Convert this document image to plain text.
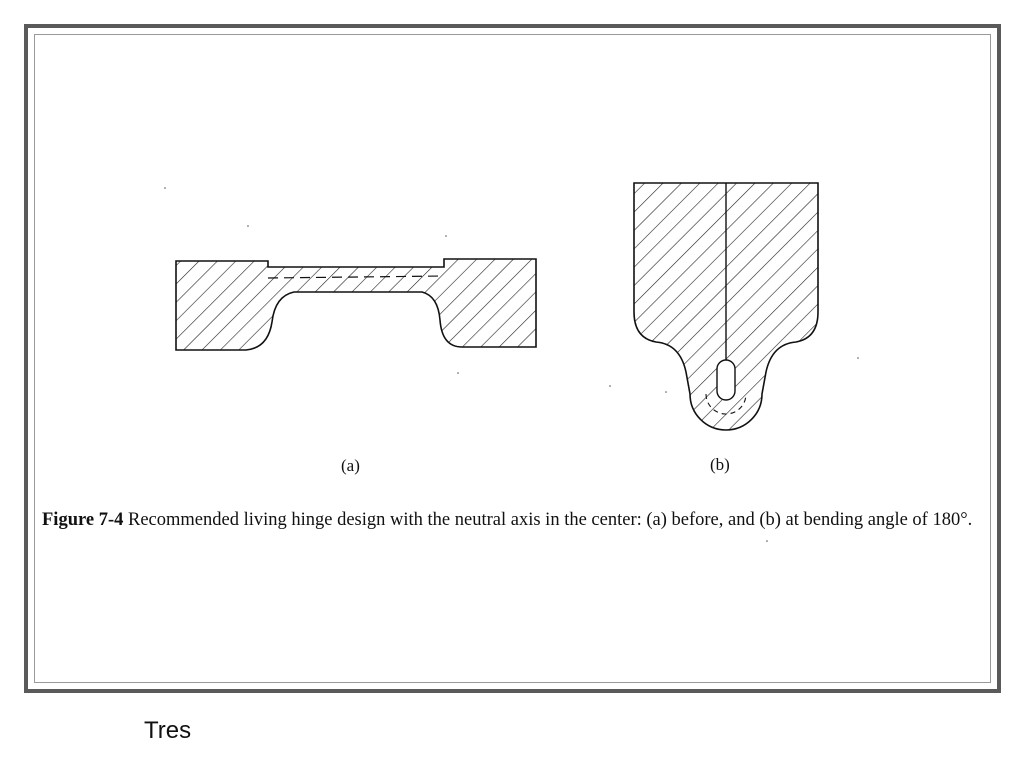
(a)	(b)
Figure 7-4 Recommended living hinge design with the neutral axis in the center: (a) before, and (b) at bending angle of 180°.
Tres
